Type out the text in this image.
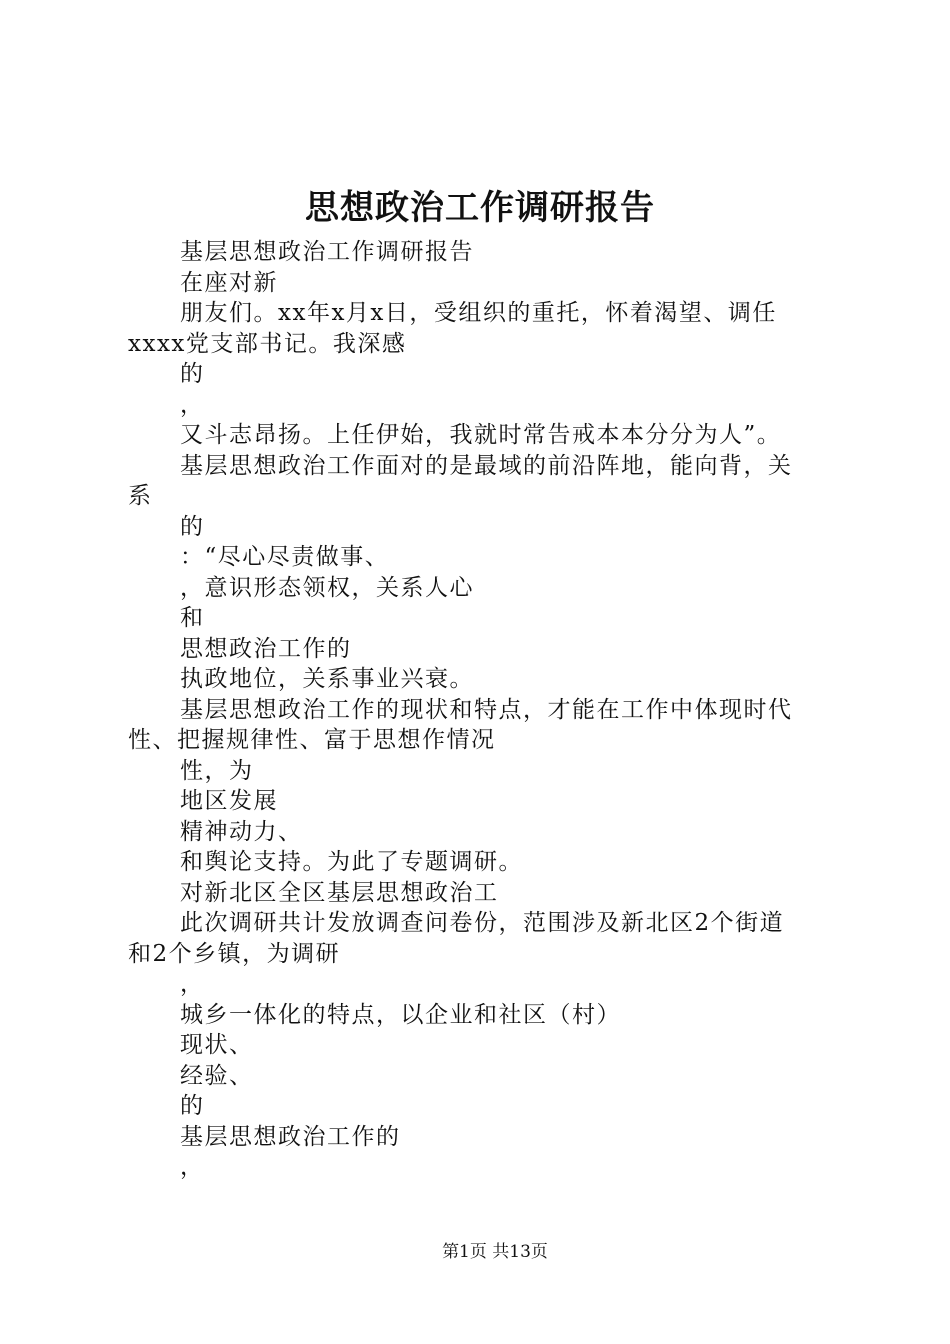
思想政治工作调研报告
基层思想政治工作调研报告
在座对新
朋友们。xx年x月x日，受组织的重托，怀着渴望、调任
xxxx党支部书记。我深感
的
，
又斗志昂扬。上任伊始，我就时常告戒本本分分为人”。
基层思想政治工作面对的是最域的前沿阵地，能向背，关
系
的
：“尽心尽责做事、
，意识形态领权，关系人心
和
思想政治工作的
执政地位，关系事业兴衰。
基层思想政治工作的现状和特点，才能在工作中体现时代
性、把握规律性、富于思想作情况
性，为
地区发展
精神动力、
和舆论支持。为此了专题调研。
对新北区全区基层思想政治工
此次调研共计发放调查问卷份，范围涉及新北区2个街道
和2个乡镇，为调研
，
城乡一体化的特点，以企业和社区（村）
现状、
经验、
的
基层思想政治工作的
，
第1页 共13页
